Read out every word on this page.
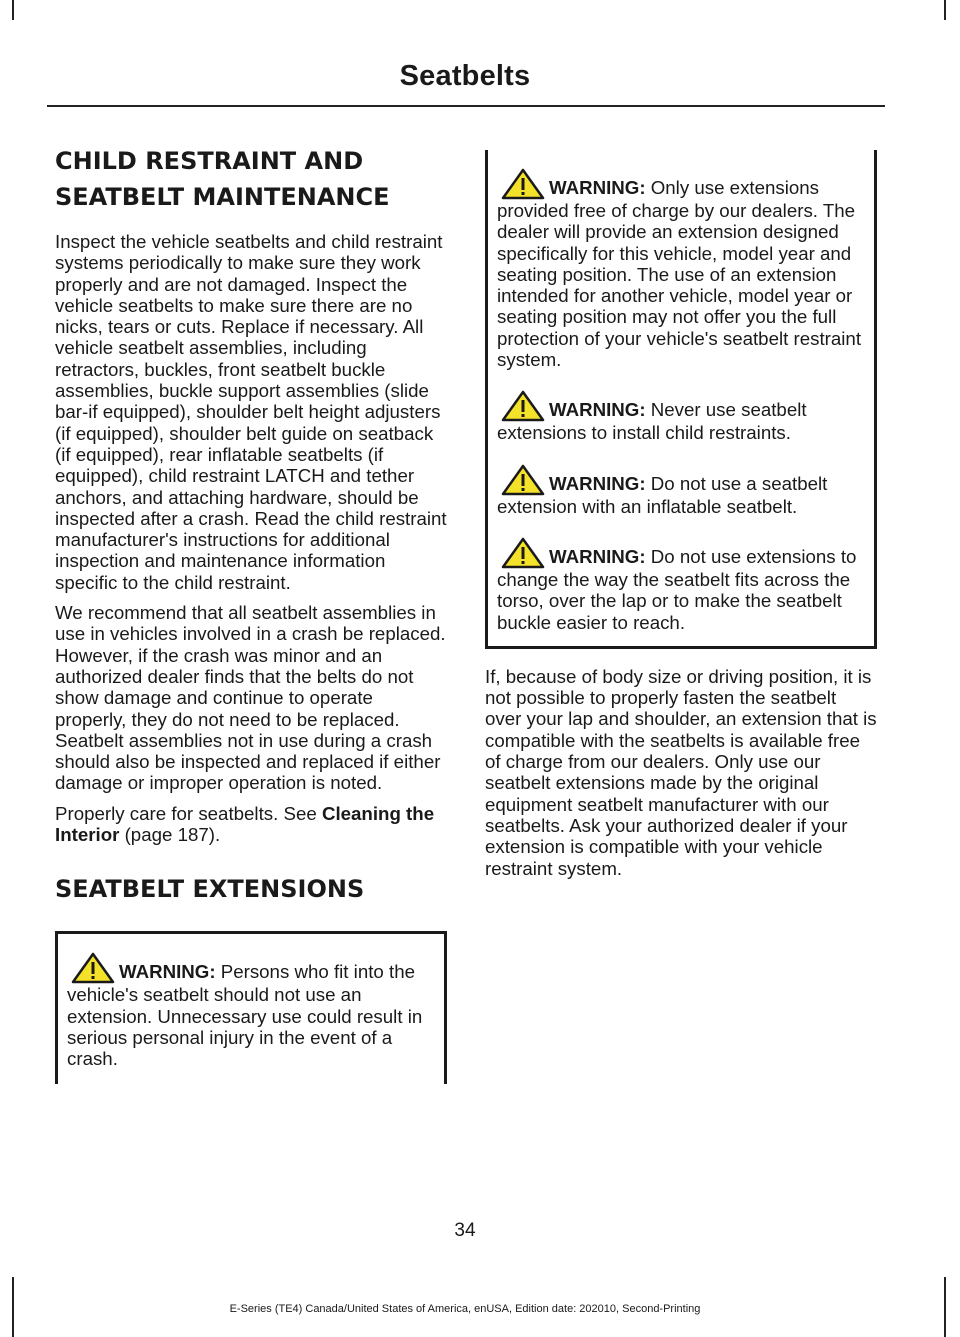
Seatbelts
CHILD RESTRAINT AND SEATBELT MAINTENANCE

Inspect the vehicle seatbelts and child restraint systems periodically to make sure they work properly and are not damaged. Inspect the vehicle seatbelts to make sure there are no nicks, tears or cuts. Replace if necessary. All vehicle seatbelt assemblies, including retractors, buckles, front seatbelt buckle assemblies, buckle support assemblies (slide bar-if equipped), shoulder belt height adjusters (if equipped), shoulder belt guide on seatback (if equipped), rear inflatable seatbelts (if equipped), child restraint LATCH and tether anchors, and attaching hardware, should be inspected after a crash. Read the child restraint manufacturer's instructions for additional inspection and maintenance information specific to the child restraint.

We recommend that all seatbelt assemblies in use in vehicles involved in a crash be replaced. However, if the crash was minor and an authorized dealer finds that the belts do not show damage and continue to operate properly, they do not need to be replaced. Seatbelt assemblies not in use during a crash should also be inspected and replaced if either damage or improper operation is noted.

Properly care for seatbelts. See Cleaning the Interior (page 187).

SEATBELT EXTENSIONS

WARNING: Persons who fit into the vehicle's seatbelt should not use an extension. Unnecessary use could result in serious personal injury in the event of a crash.

WARNING: Only use extensions provided free of charge by our dealers. The dealer will provide an extension designed specifically for this vehicle, model year and seating position. The use of an extension intended for another vehicle, model year or seating position may not offer you the full protection of your vehicle's seatbelt restraint system.

WARNING: Never use seatbelt extensions to install child restraints.

WARNING: Do not use a seatbelt extension with an inflatable seatbelt.

WARNING: Do not use extensions to change the way the seatbelt fits across the torso, over the lap or to make the seatbelt buckle easier to reach.

If, because of body size or driving position, it is not possible to properly fasten the seatbelt over your lap and shoulder, an extension that is compatible with the seatbelts is available free of charge from our dealers. Only use our seatbelt extensions made by the original equipment seatbelt manufacturer with our seatbelts. Ask your authorized dealer if your extension is compatible with your vehicle restraint system.

34
E-Series (TE4) Canada/United States of America, enUSA, Edition date: 202010, Second-Printing
